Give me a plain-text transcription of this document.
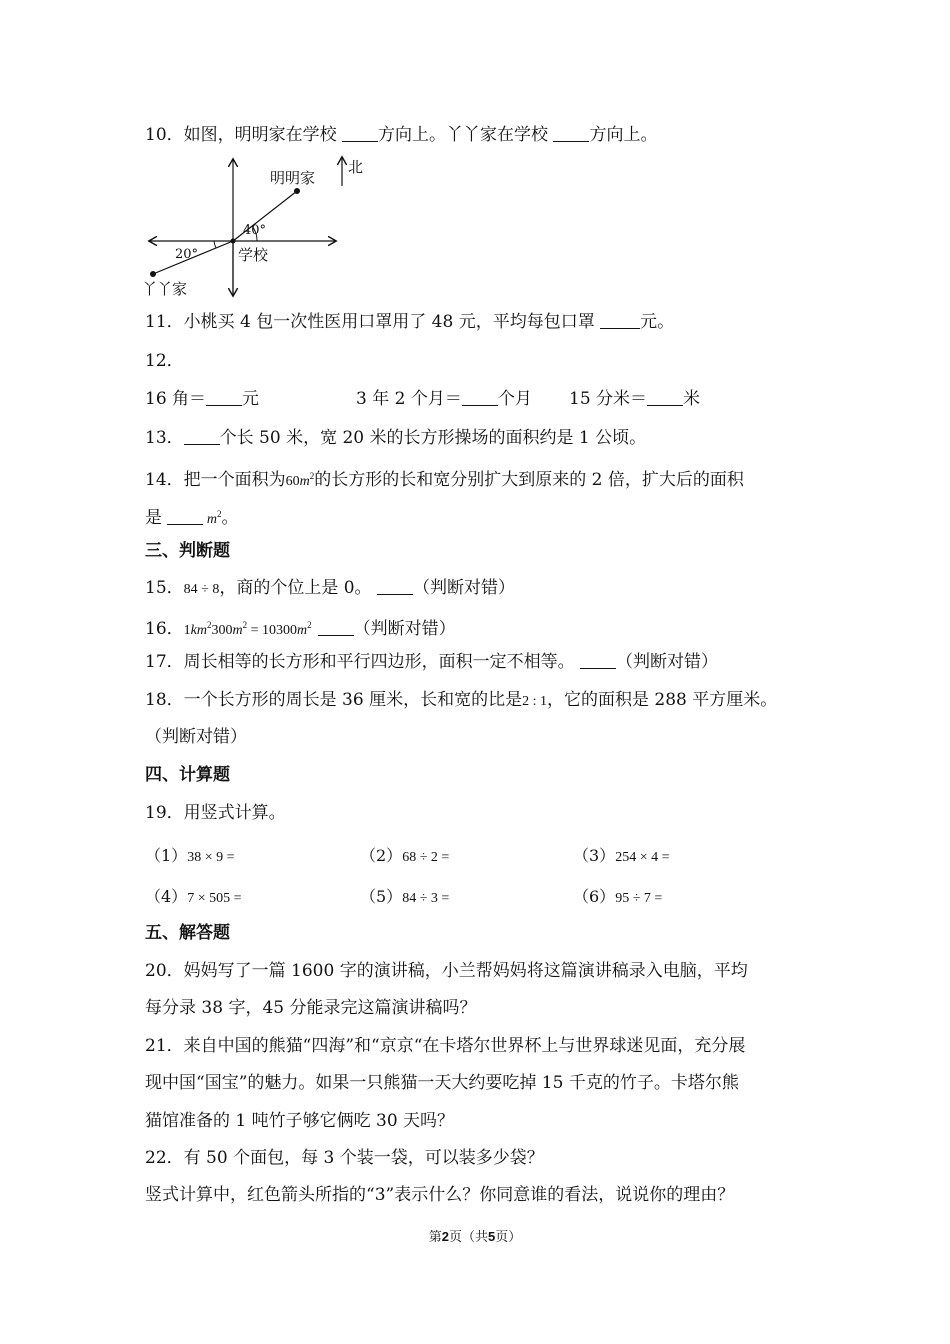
10．如图，明明家在学校 方向上。丫丫家在学校 方向上。
北
明明家
丫丫家
学校
40°
20°
11．小桃买 4 包一次性医用口罩用了 48 元，平均每包口罩 元。
12．
16 角＝ 元	3 年 2 个月＝ 个月 15 分米＝ 米
13． 个长 50 米，宽 20 米的长方形操场的面积约是 1 公顷。
14．把一个面积为$60m^2$的长方形的长和宽分别扩大到原来的 2 倍，扩大后的面积
是	$m^2$。
三、判断题
15．84 ÷ 8，商的个位上是 0。 （判断对错）
16．$1km^2300m^2 = 10300m^2$ （判断对错）
17．周长相等的长方形和平行四边形，面积一定不相等。 （判断对错）
18．一个长方形的周长是 36 厘米，长和宽的比是2 : 1，它的面积是 288 平方厘米。
（判断对错）
四、计算题
19．用竖式计算。
（1）38 × 9 =	（2）68 ÷ 2 =	（3）254 × 4 =
（4）7 × 505 =	（5）84 ÷ 3 =	（6）95 ÷ 7 =
五、解答题
20．妈妈写了一篇 1600 字的演讲稿，小兰帮妈妈将这篇演讲稿录入电脑，平均
每分录 38 字，45 分能录完这篇演讲稿吗？
21．来自中国的熊猫“四海”和“京京“在卡塔尔世界杯上与世界球迷见面，充分展
现中国“国宝”的魅力。如果一只熊猫一天大约要吃掉 15 千克的竹子。卡塔尔熊
猫馆准备的 1 吨竹子够它俩吃 30 天吗？
22．有 50 个面包，每 3 个装一袋，可以装多少袋？
竖式计算中，红色箭头所指的“3”表示什么？你同意谁的看法，说说你的理由？
第2页（共5页）
